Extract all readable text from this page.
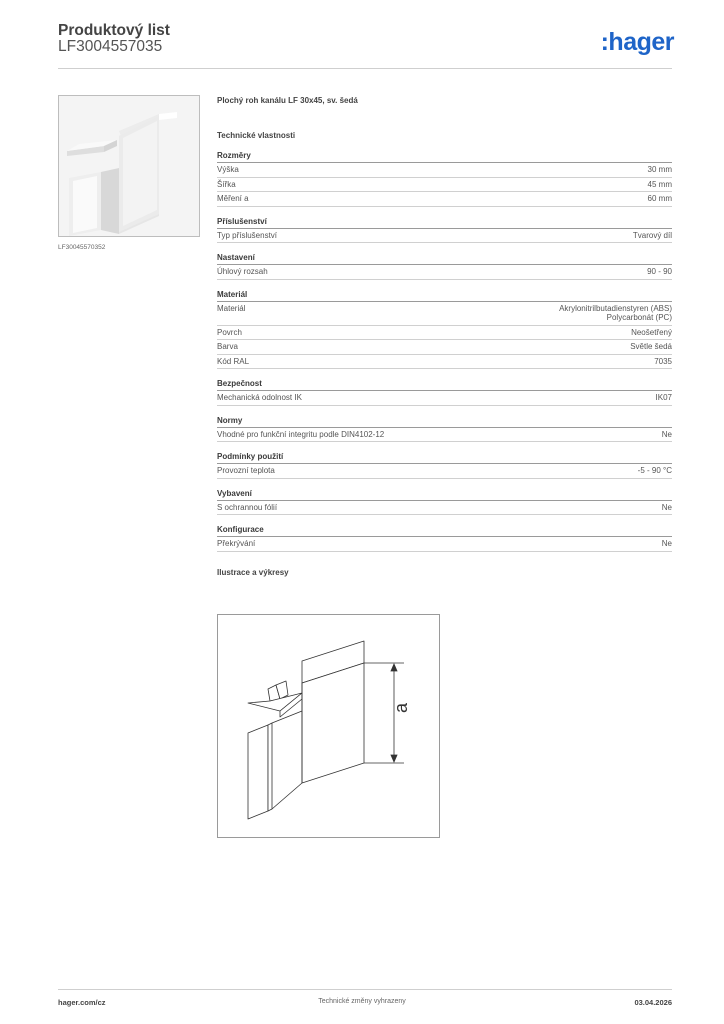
Produktový list
LF3004557035	:hager
LF30045570352
Plochý roh kanálu LF 30x45, sv. šedá
Technické vlastnosti
Rozměry
Výška	30 mm
Šířka	45 mm
Měření a	60 mm
Příslušenství
Typ příslušenství	Tvarový díl
Nastavení
Úhlový rozsah	90 - 90
Materiál
Materiál	Akrylonitrilbutadienstyren (ABS)
Polycarbonát (PC)
Povrch	Neošetřený
Barva	Světle šedá
Kód RAL	7035
Bezpečnost
Mechanická odolnost IK	IK07
Normy
Vhodné pro funkční integritu podle DIN4102-12	Ne
Podmínky použití
Provozní teplota	-5 - 90 °C
Vybavení
S ochrannou fólií	Ne
Konfigurace
Překrývání	Ne
Ilustrace a výkresy
a
hager.com/cz	Technické změny vyhrazeny	03.04.2026
